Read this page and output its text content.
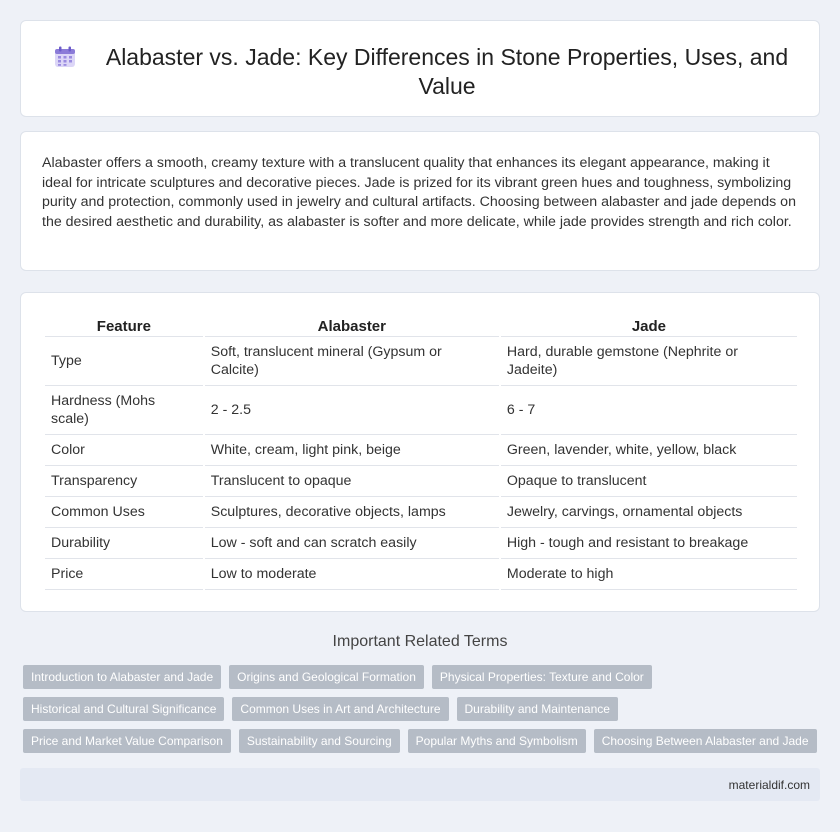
Alabaster vs. Jade: Key Differences in Stone Properties, Uses, and Value

Alabaster offers a smooth, creamy texture with a translucent quality that enhances its elegant appearance, making it ideal for intricate sculptures and decorative pieces. Jade is prized for its vibrant green hues and toughness, symbolizing purity and protection, commonly used in jewelry and cultural artifacts. Choosing between alabaster and jade depends on the desired aesthetic and durability, as alabaster is softer and more delicate, while jade provides strength and rich color.

Feature	Alabaster	Jade
Type	Soft, translucent mineral (Gypsum or Calcite)	Hard, durable gemstone (Nephrite or Jadeite)
Hardness (Mohs scale)	2 - 2.5	6 - 7
Color	White, cream, light pink, beige	Green, lavender, white, yellow, black
Transparency	Translucent to opaque	Opaque to translucent
Common Uses	Sculptures, decorative objects, lamps	Jewelry, carvings, ornamental objects
Durability	Low - soft and can scratch easily	High - tough and resistant to breakage
Price	Low to moderate	Moderate to high
Important Related Terms
Introduction to Alabaster and Jade	Origins and Geological Formation	Physical Properties: Texture and Color
Historical and Cultural Significance	Common Uses in Art and Architecture	Durability and Maintenance
Price and Market Value Comparison	Sustainability and Sourcing	Popular Myths and Symbolism	Choosing Between Alabaster and Jade
materialdif.com
